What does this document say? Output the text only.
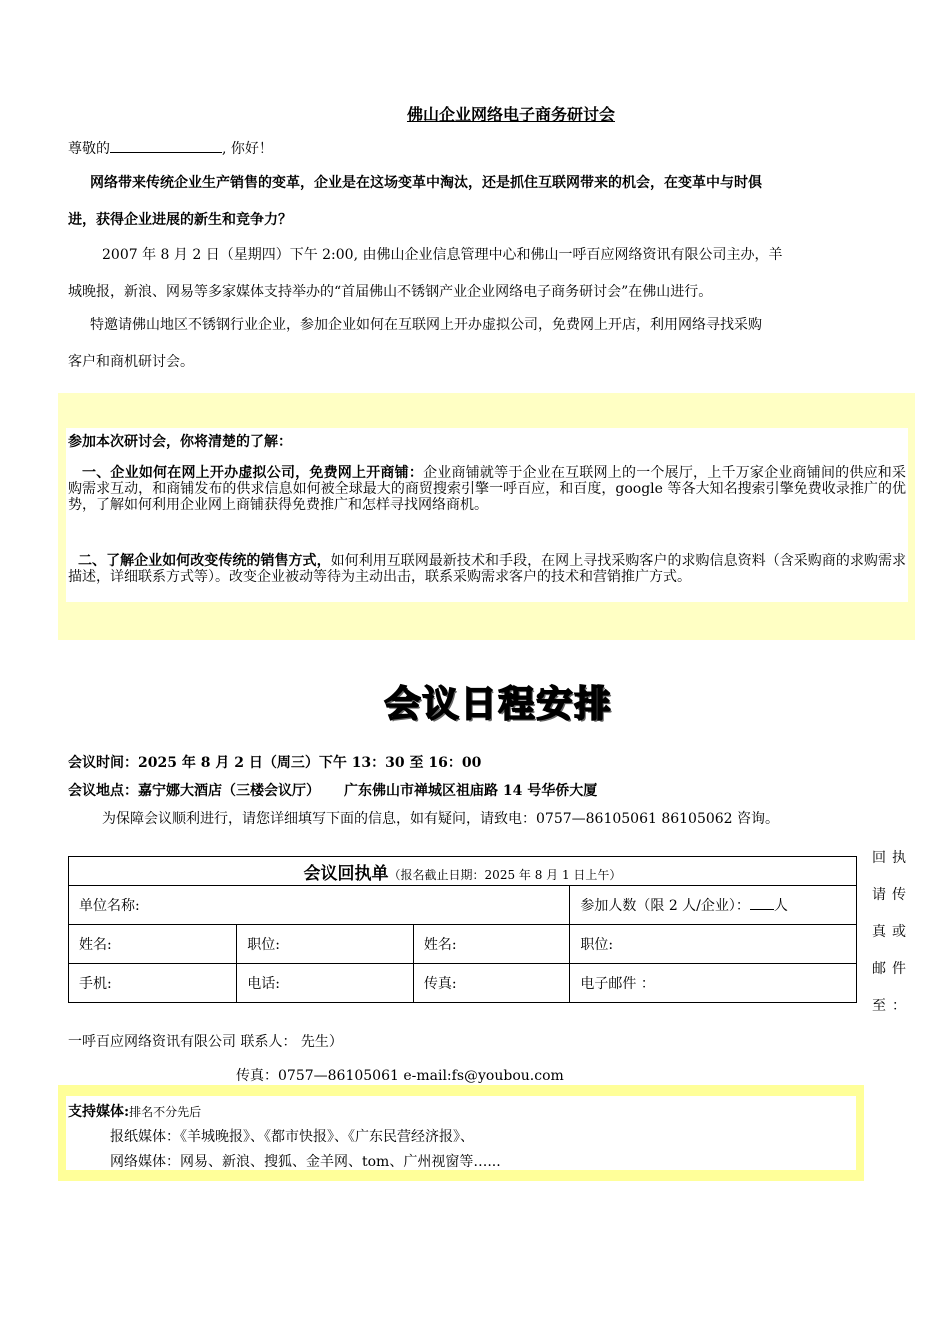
佛山企业网络电子商务研讨会
尊敬的	, 你好！
网络带来传统企业生产销售的变革，企业是在这场变革中淘汰，还是抓住互联网带来的机会，在变革中与时俱
进，获得企业进展的新生和竞争力？
2007 年 8 月 2 日（星期四）下午 2:00, 由佛山企业信息管理中心和佛山一呼百应网络资讯有限公司主办，羊
城晚报，新浪、网易等多家媒体支持举办的“首届佛山不锈钢产业企业网络电子商务研讨会”在佛山进行。
特邀请佛山地区不锈钢行业企业，参加企业如何在互联网上开办虚拟公司，免费网上开店，利用网络寻找采购
客户和商机研讨会。
参加本次研讨会，你将清楚的了解：
一、企业如何在网上开办虚拟公司，免费网上开商铺：企业商铺就等于企业在互联网上的一个展厅，上千万家企业商铺间的供应和采购需求互动，和商铺发布的供求信息如何被全球最大的商贸搜索引擎一呼百应，和百度，google 等各大知名搜索引擎免费收录推广的优势，了解如何利用企业网上商铺获得免费推广和怎样寻找网络商机。
二、了解企业如何改变传统的销售方式，如何利用互联网最新技术和手段，在网上寻找采购客户的求购信息资料（含采购商的求购需求描述，详细联系方式等）。改变企业被动等待为主动出击，联系采购需求客户的技术和营销推广方式。
会议日程安排
会议时间：2025 年 8 月 2 日（周三）下午 13：30 至 16：00
会议地点：嘉宁娜大酒店（三楼会议厅） 广东佛山市禅城区祖庙路 14 号华侨大厦
为保障会议顺利进行，请您详细填写下面的信息，如有疑问，请致电：0757—86105061 86105062 咨询。
会议回执单（报名截止日期：2025 年 8 月 1 日上午）			
单位名称:			参加人数（限 2 人/企业）： 人
姓名:	职位:	姓名:	职位:
手机:	电话:	传真:	电子邮件 ：
回执请传真或邮件至：
一呼百应网络资讯有限公司 联系人： 先生）
传真：0757—86105061 e-mail:fs@youbou.com
支持媒体:排名不分先后
报纸媒体：《羊城晚报》、《都市快报》、《广东民营经济报》、
网络媒体：网易、新浪、搜狐、金羊网、tom、广州视窗等…...
